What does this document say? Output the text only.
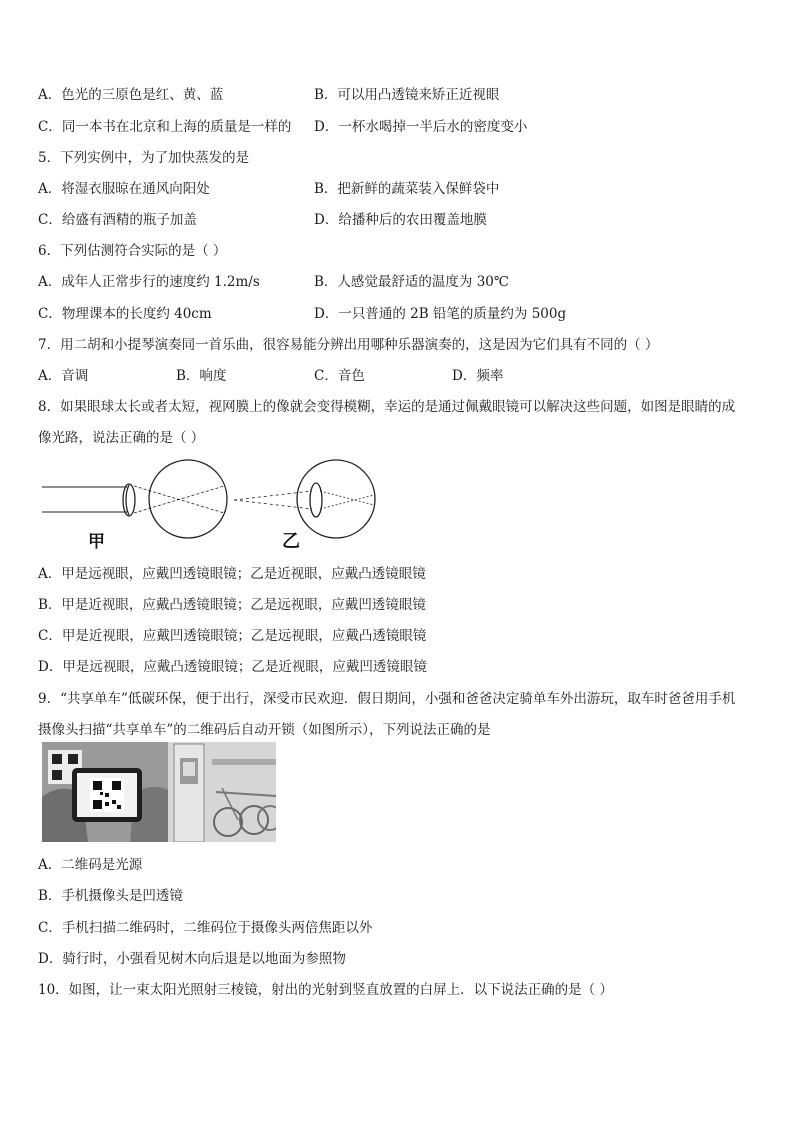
A．色光的三原色是红、黄、蓝	B．可以用凸透镜来矫正近视眼
C．同一本书在北京和上海的质量是一样的 D．一杯水喝掉一半后水的密度变小
5．下列实例中，为了加快蒸发的是
A．将湿衣服晾在通风向阳处	B．把新鲜的蔬菜装入保鲜袋中
C．给盛有酒精的瓶子加盖	D．给播种后的农田覆盖地膜
6．下列估测符合实际的是（ ）
A．成年人正常步行的速度约 1.2m/s	B．人感觉最舒适的温度为 30℃
C．物理课本的长度约 40cm	D．一只普通的 2B 铅笔的质量约为 500g
7．用二胡和小提琴演奏同一首乐曲，很容易能分辨出用哪种乐器演奏的，这是因为它们具有不同的（ ）
A．音调	B．响度	C．音色	D．频率
8．如果眼球太长或者太短，视网膜上的像就会变得模糊，幸运的是通过佩戴眼镜可以解决这些问题，如图是眼睛的成
像光路，说法正确的是（ ）
甲	乙
A．甲是远视眼，应戴凹透镜眼镜；乙是近视眼，应戴凸透镜眼镜
B．甲是近视眼，应戴凸透镜眼镜；乙是远视眼，应戴凹透镜眼镜
C．甲是近视眼，应戴凹透镜眼镜；乙是远视眼，应戴凸透镜眼镜
D．甲是远视眼，应戴凸透镜眼镜；乙是近视眼，应戴凹透镜眼镜
9．“共享单车”低碳环保，便于出行，深受市民欢迎．假日期间，小强和爸爸决定骑单车外出游玩，取车时爸爸用手机
摄像头扫描“共享单车”的二维码后自动开锁（如图所示），下列说法正确的是
A．二维码是光源
B．手机摄像头是凹透镜
C．手机扫描二维码时，二维码位于摄像头两倍焦距以外
D．骑行时，小强看见树木向后退是以地面为参照物
10．如图，让一束太阳光照射三棱镜，射出的光射到竖直放置的白屏上．以下说法正确的是（ ）
